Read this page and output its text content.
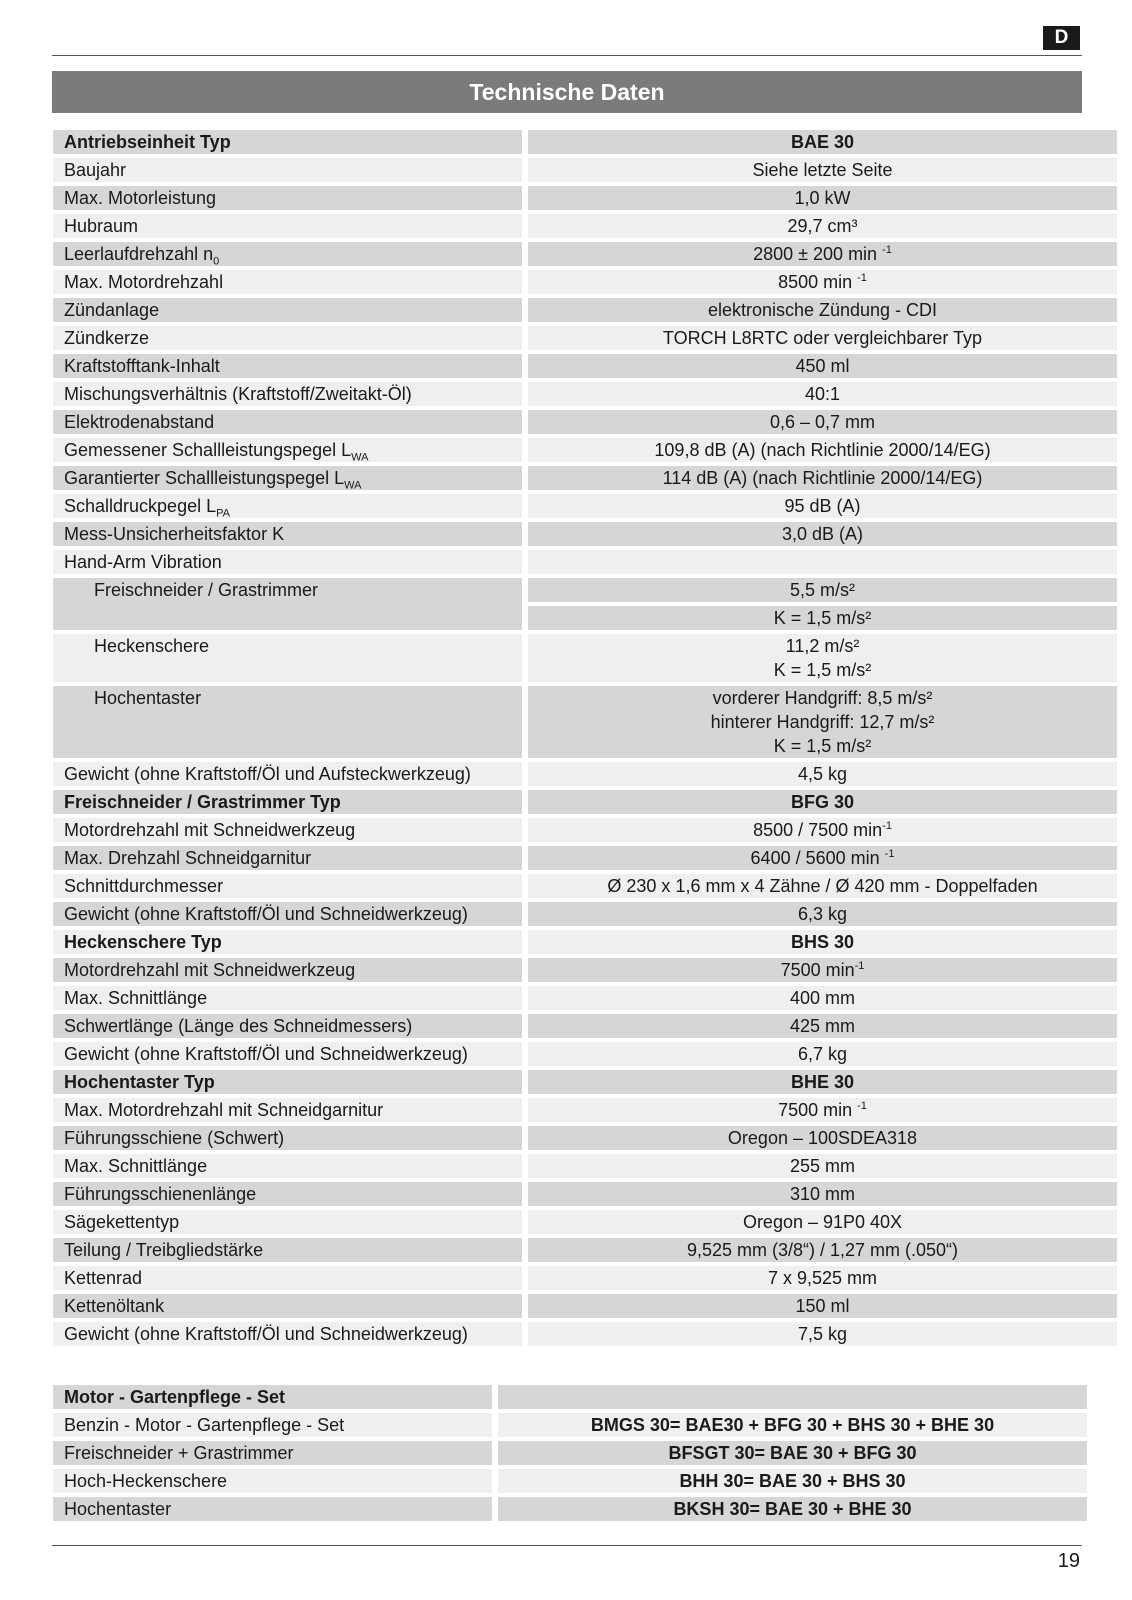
D
Technische Daten
Antriebseinheit Typ		BAE 30
Baujahr		Siehe letzte Seite
Max. Motorleistung		1,0 kW
Hubraum		29,7 cm³
Leerlaufdrehzahl $n_0$		2800 ± 200 min $^{-1}$
Max. Motordrehzahl		8500 min $^{-1}$
Zündanlage		elektronische Zündung - CDI
Zündkerze		TORCH L8RTC oder vergleichbarer Typ
Kraftstofftank-Inhalt		450 ml
Mischungsverhältnis (Kraftstoff/Zweitakt-Öl)		40:1
Elektrodenabstand		0,6 – 0,7 mm
Gemessener Schallleistungspegel $L_{WA}$		109,8 dB (A) (nach Richtlinie 2000/14/EG)
Garantierter Schallleistungspegel $L_{WA}$		114 dB (A) (nach Richtlinie 2000/14/EG)
Schalldruckpegel $L_{PA}$		95 dB (A)
Mess-Unsicherheitsfaktor K		3,0 dB (A)
Hand-Arm Vibration		
Freischneider / Grastrimmer		5,5 m/s²
K = 1,5 m/s²

Heckenschere		11,2 m/s²
K = 1,5 m/s²

Hochentaster		vorderer Handgriff: 8,5 m/s²
hinterer Handgriff: 12,7 m/s²
K = 1,5 m/s²

Gewicht (ohne Kraftstoff/Öl und Aufsteckwerkzeug)		4,5 kg
Freischneider / Grastrimmer Typ		BFG 30
Motordrehzahl mit Schneidwerkzeug		8500 / 7500 $\min^{-1}$
Max. Drehzahl Schneidgarnitur		6400 / 5600 min $^{-1}$
Schnittdurchmesser		Ø 230 x 1,6 mm x 4 Zähne / Ø 420 mm - Doppelfaden
Gewicht (ohne Kraftstoff/Öl und Schneidwerkzeug)		6,3 kg
Heckenschere Typ		BHS 30
Motordrehzahl mit Schneidwerkzeug		7500 $\min^{-1}$
Max. Schnittlänge		400 mm
Schwertlänge (Länge des Schneidmessers)		425 mm
Gewicht (ohne Kraftstoff/Öl und Schneidwerkzeug)		6,7 kg
Hochentaster Typ		BHE 30
Max. Motordrehzahl mit Schneidgarnitur		7500 min $^{-1}$
Führungsschiene (Schwert)		Oregon – 100SDEA318
Max. Schnittlänge		255 mm
Führungsschienenlänge		310 mm
Sägekettentyp		Oregon – 91P0 40X
Teilung / Treibgliedstärke		9,525 mm (3/8“) / 1,27 mm (.050“)
Kettenrad		7 x 9,525 mm
Kettenöltank		150 ml
Gewicht (ohne Kraftstoff/Öl und Schneidwerkzeug)		7,5 kg
Motor - Gartenpflege - Set		
Benzin - Motor - Gartenpflege - Set		BMGS 30= BAE30 + BFG 30 + BHS 30 + BHE 30
Freischneider + Grastrimmer		BFSGT 30= BAE 30 + BFG 30
Hoch-Heckenschere		BHH 30= BAE 30 + BHS 30
Hochentaster		BKSH 30= BAE 30 + BHE 30
19
